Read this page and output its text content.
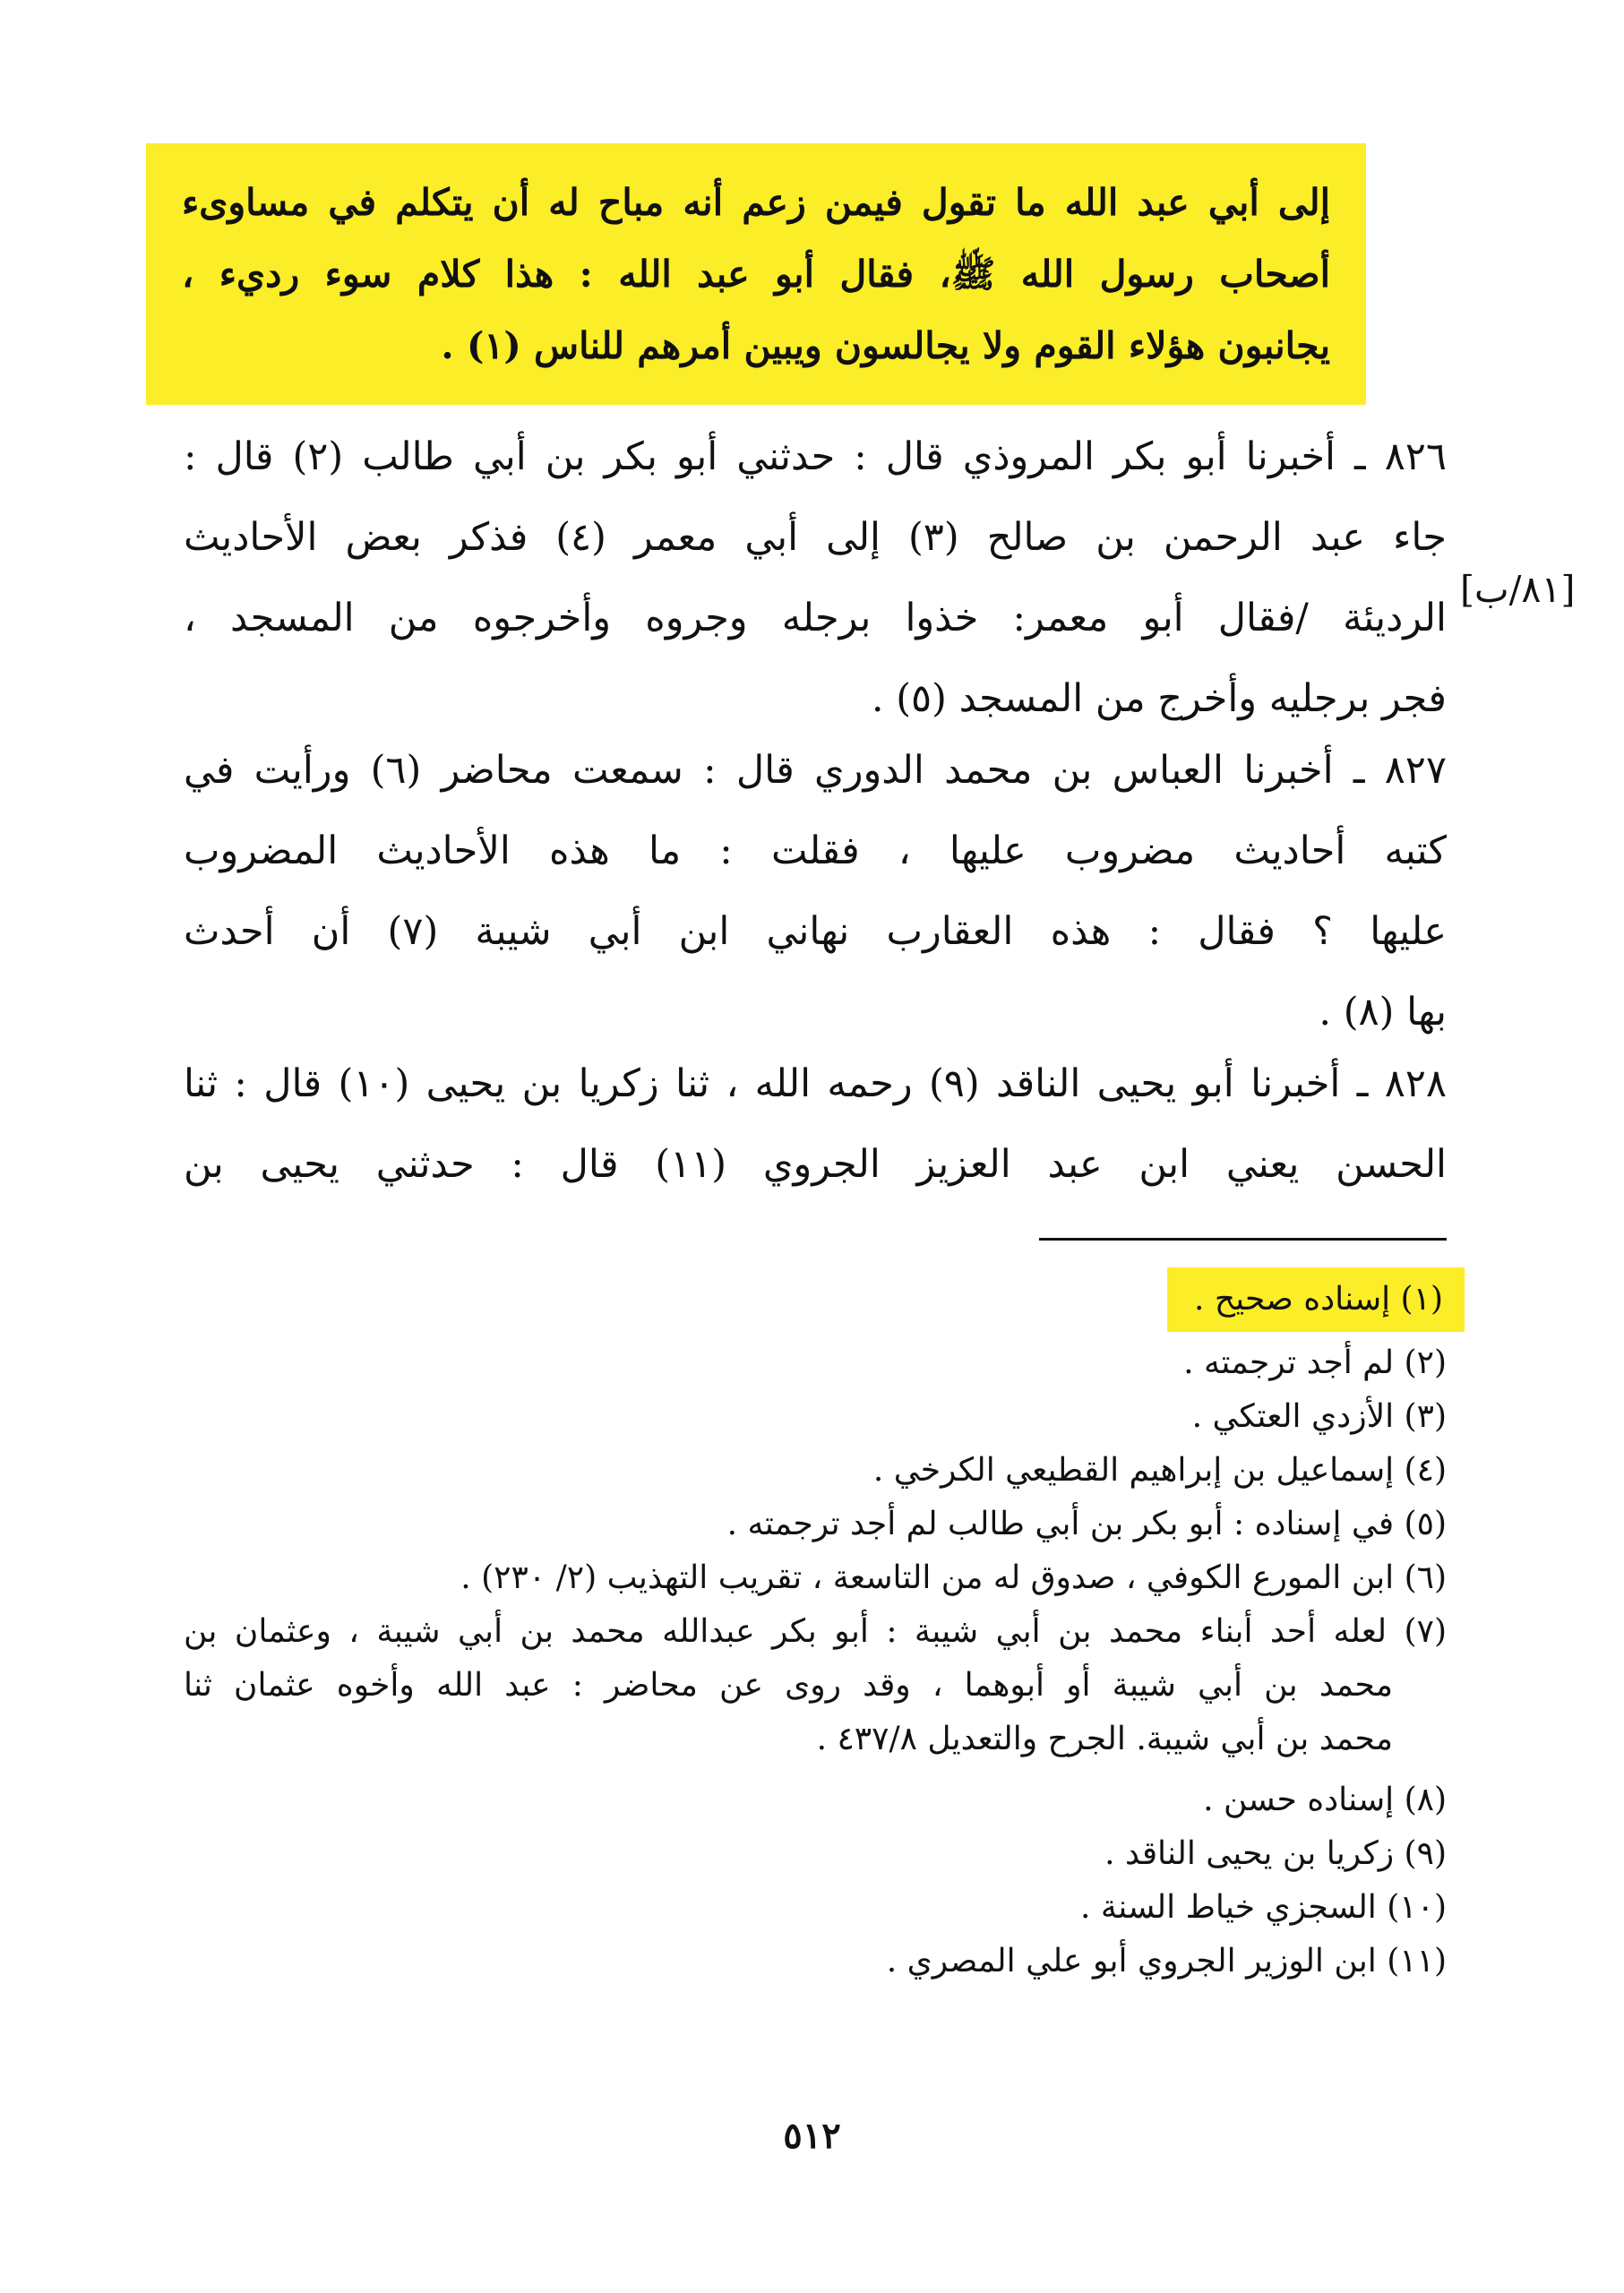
إلى أبي عبد الله ما تقول فيمن زعم أنه مباح له أن يتكلم في مساوىء

أصحاب رسول الله ﷺ، فقال أبو عبد الله : هذا كلام سوء رديء ،

يجانبون هؤلاء القوم ولا يجالسون ويبين أمرهم للناس (١) .

٨٢٦ ـ أخبرنا أبو بكر المروذي قال : حدثني أبو بكر بن أبي طالب (٢) قال :

جاء عبد الرحمن بن صالح (٣) إلى أبي معمر (٤) فذكر بعض الأحاديث

الرديئة /فقال أبو معمر: خذوا برجله وجروه وأخرجوه من المسجد ،

فجر برجليه وأخرج من المسجد (٥) .

[٨١/ب]

٨٢٧ ـ أخبرنا العباس بن محمد الدوري قال : سمعت محاضر (٦) ورأيت في

كتبه أحاديث مضروب عليها ، فقلت : ما هذه الأحاديث المضروب

عليها ؟ فقال : هذه العقارب نهاني ابن أبي شيبة (٧) أن أحدث

بها (٨) .

٨٢٨ ـ أخبرنا أبو يحيى الناقد (٩) رحمه الله ، ثنا زكريا بن يحيى (١٠) قال : ثنا

الحسن يعني ابن عبد العزيز الجروي (١١) قال : حدثني يحيى بن

(١) إسناده صحيح .
(٢) لم أجد ترجمته .
(٣) الأزدي العتكي .
(٤) إسماعيل بن إبراهيم القطيعي الكرخي .
(٥) في إسناده : أبو بكر بن أبي طالب لم أجد ترجمته .
(٦) ابن المورع الكوفي ، صدوق له من التاسعة ، تقريب التهذيب (٢/ ٢٣٠) .

(٧) لعله أحد أبناء محمد بن أبي شيبة : أبو بكر عبدالله محمد بن أبي شيبة ، وعثمان بن

محمد بن أبي شيبة أو أبوهما ، وقد روى عن محاضر : عبد الله وأخوه عثمان ثنا

محمد بن أبي شيبة. الجرح والتعديل ٤٣٧/٨ .

(٨) إسناده حسن .
(٩) زكريا بن يحيى الناقد .
(١٠) السجزي خياط السنة .
(١١) ابن الوزير الجروي أبو علي المصري .
٥١٢
